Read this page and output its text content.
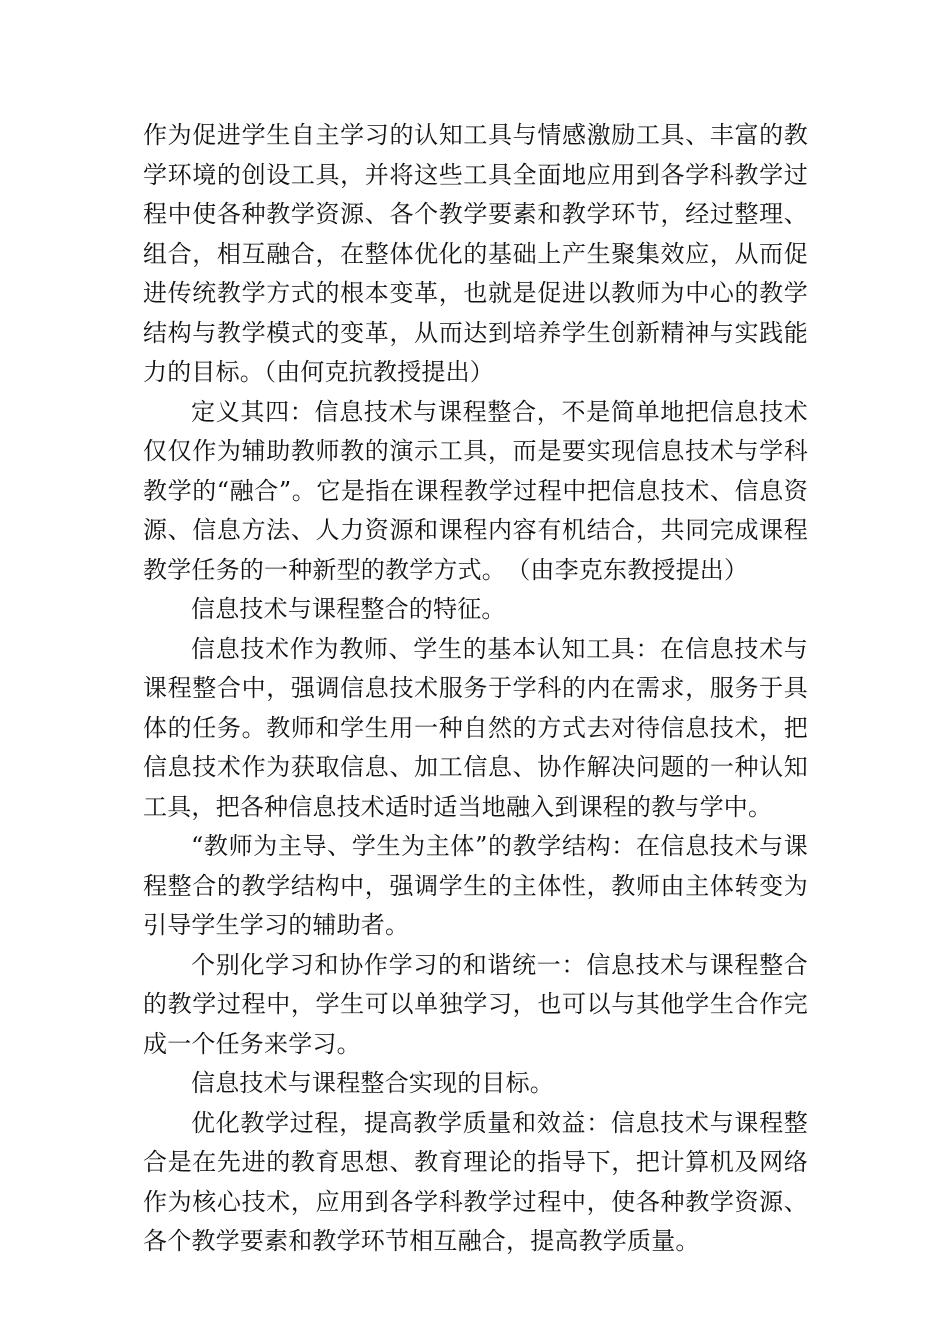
作为促进学生自主学习的认知工具与情感激励工具、丰富的教学环境的创设工具，并将这些工具全面地应用到各学科教学过程中使各种教学资源、各个教学要素和教学环节，经过整理、组合，相互融合，在整体优化的基础上产生聚集效应，从而促进传统教学方式的根本变革，也就是促进以教师为中心的教学结构与教学模式的变革，从而达到培养学生创新精神与实践能力的目标。（由何克抗教授提出）

定义其四：信息技术与课程整合，不是简单地把信息技术仅仅作为辅助教师教的演示工具，而是要实现信息技术与学科教学的“融合”。它是指在课程教学过程中把信息技术、信息资源、信息方法、人力资源和课程内容有机结合，共同完成课程教学任务的一种新型的教学方式。　（由李克东教授提出）

信息技术与课程整合的特征。

信息技术作为教师、学生的基本认知工具：在信息技术与课程整合中，强调信息技术服务于学科的内在需求，服务于具体的任务。教师和学生用一种自然的方式去对待信息技术，把信息技术作为获取信息、加工信息、协作解决问题的一种认知工具，把各种信息技术适时适当地融入到课程的教与学中。

“教师为主导、学生为主体”的教学结构：在信息技术与课程整合的教学结构中，强调学生的主体性，教师由主体转变为引导学生学习的辅助者。

个别化学习和协作学习的和谐统一：信息技术与课程整合的教学过程中，学生可以单独学习，也可以与其他学生合作完成一个任务来学习。

信息技术与课程整合实现的目标。

优化教学过程，提高教学质量和效益：信息技术与课程整合是在先进的教育思想、教育理论的指导下，把计算机及网络作为核心技术，应用到各学科教学过程中，使各种教学资源、各个教学要素和教学环节相互融合，提高教学质量。
